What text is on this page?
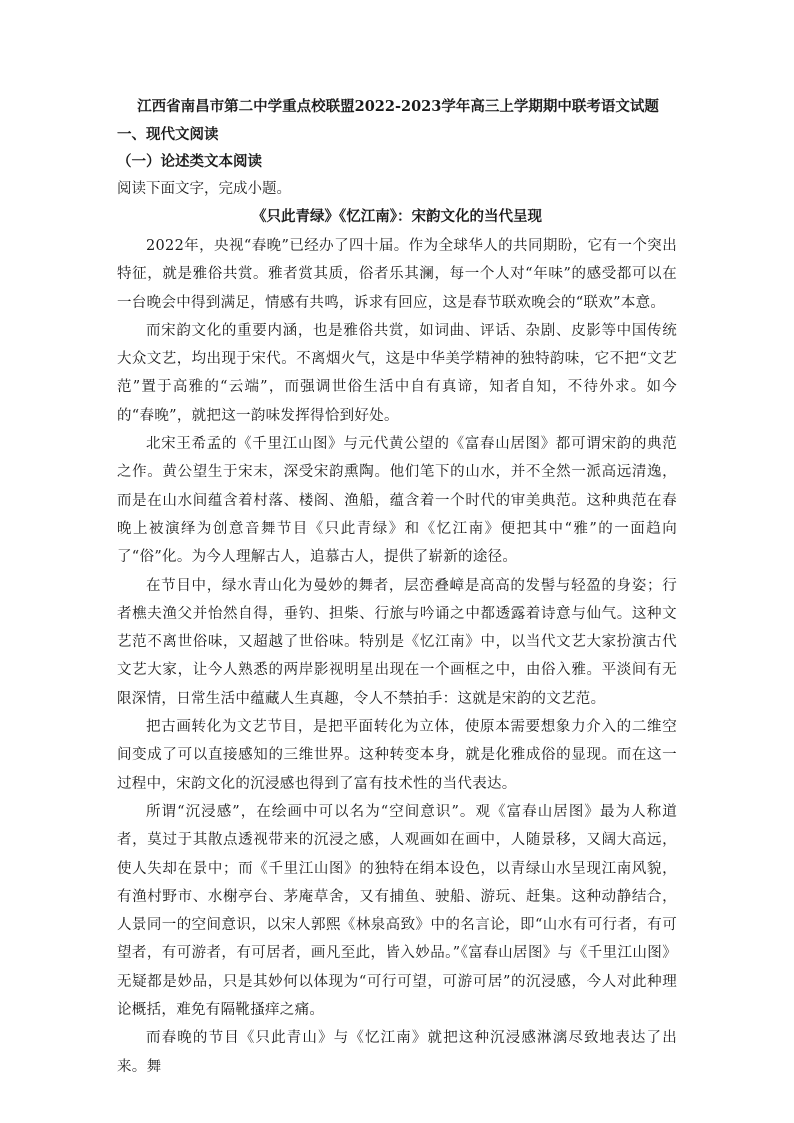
江西省南昌市第二中学重点校联盟2022-2023学年高三上学期期中联考语文试题
一、现代文阅读
（一）论述类文本阅读
阅读下面文字，完成小题。
《只此青绿》《忆江南》：宋韵文化的当代呈现

2022年，央视“春晚”已经办了四十届。作为全球华人的共同期盼，它有一个突出特征，就是雅俗共赏。雅者赏其质，俗者乐其澜，每一个人对“年味”的感受都可以在一台晚会中得到满足，情感有共鸣，诉求有回应，这是春节联欢晚会的“联欢”本意。

而宋韵文化的重要内涵，也是雅俗共赏，如词曲、评话、杂剧、皮影等中国传统大众文艺，均出现于宋代。不离烟火气，这是中华美学精神的独特韵味，它不把“文艺范”置于高雅的“云端”，而强调世俗生活中自有真谛，知者自知，不待外求。如今的“春晚”，就把这一韵味发挥得恰到好处。

北宋王希孟的《千里江山图》与元代黄公望的《富春山居图》都可谓宋韵的典范之作。黄公望生于宋末，深受宋韵熏陶。他们笔下的山水，并不全然一派高远清逸，而是在山水间蕴含着村落、楼阁、渔船，蕴含着一个时代的审美典范。这种典范在春晚上被演绎为创意音舞节目《只此青绿》和《忆江南》便把其中“雅”的一面趋向了“俗”化。为今人理解古人，追慕古人，提供了崭新的途径。

在节目中，绿水青山化为曼妙的舞者，层峦叠嶂是高高的发髻与轻盈的身姿；行者樵夫渔父并怡然自得，垂钓、担柴、行旅与吟诵之中都透露着诗意与仙气。这种文艺范不离世俗味，又超越了世俗味。特别是《忆江南》中，以当代文艺大家扮演古代文艺大家，让今人熟悉的两岸影视明星出现在一个画框之中，由俗入雅。平淡间有无限深情，日常生活中蕴藏人生真趣，令人不禁拍手：这就是宋韵的文艺范。

把古画转化为文艺节目，是把平面转化为立体，使原本需要想象力介入的二维空间变成了可以直接感知的三维世界。这种转变本身，就是化雅成俗的显现。而在这一过程中，宋韵文化的沉浸感也得到了富有技术性的当代表达。

所谓“沉浸感”，在绘画中可以名为“空间意识”。观《富春山居图》最为人称道者，莫过于其散点透视带来的沉浸之感，人观画如在画中，人随景移，又阔大高远，使人失却在景中；而《千里江山图》的独特在绢本设色，以青绿山水呈现江南风貌，有渔村野市、水榭亭台、茅庵草舍，又有捕鱼、驶船、游玩、赶集。这种动静结合，人景同一的空间意识，以宋人郭熙《林泉高致》中的名言论，即“山水有可行者，有可望者，有可游者，有可居者，画凡至此，皆入妙品。”《富春山居图》与《千里江山图》无疑都是妙品，只是其妙何以体现为“可行可望，可游可居”的沉浸感，今人对此种理论概括，难免有隔靴搔痒之痛。

而春晚的节目《只此青山》与《忆江南》就把这种沉浸感淋漓尽致地表达了出来。舞
